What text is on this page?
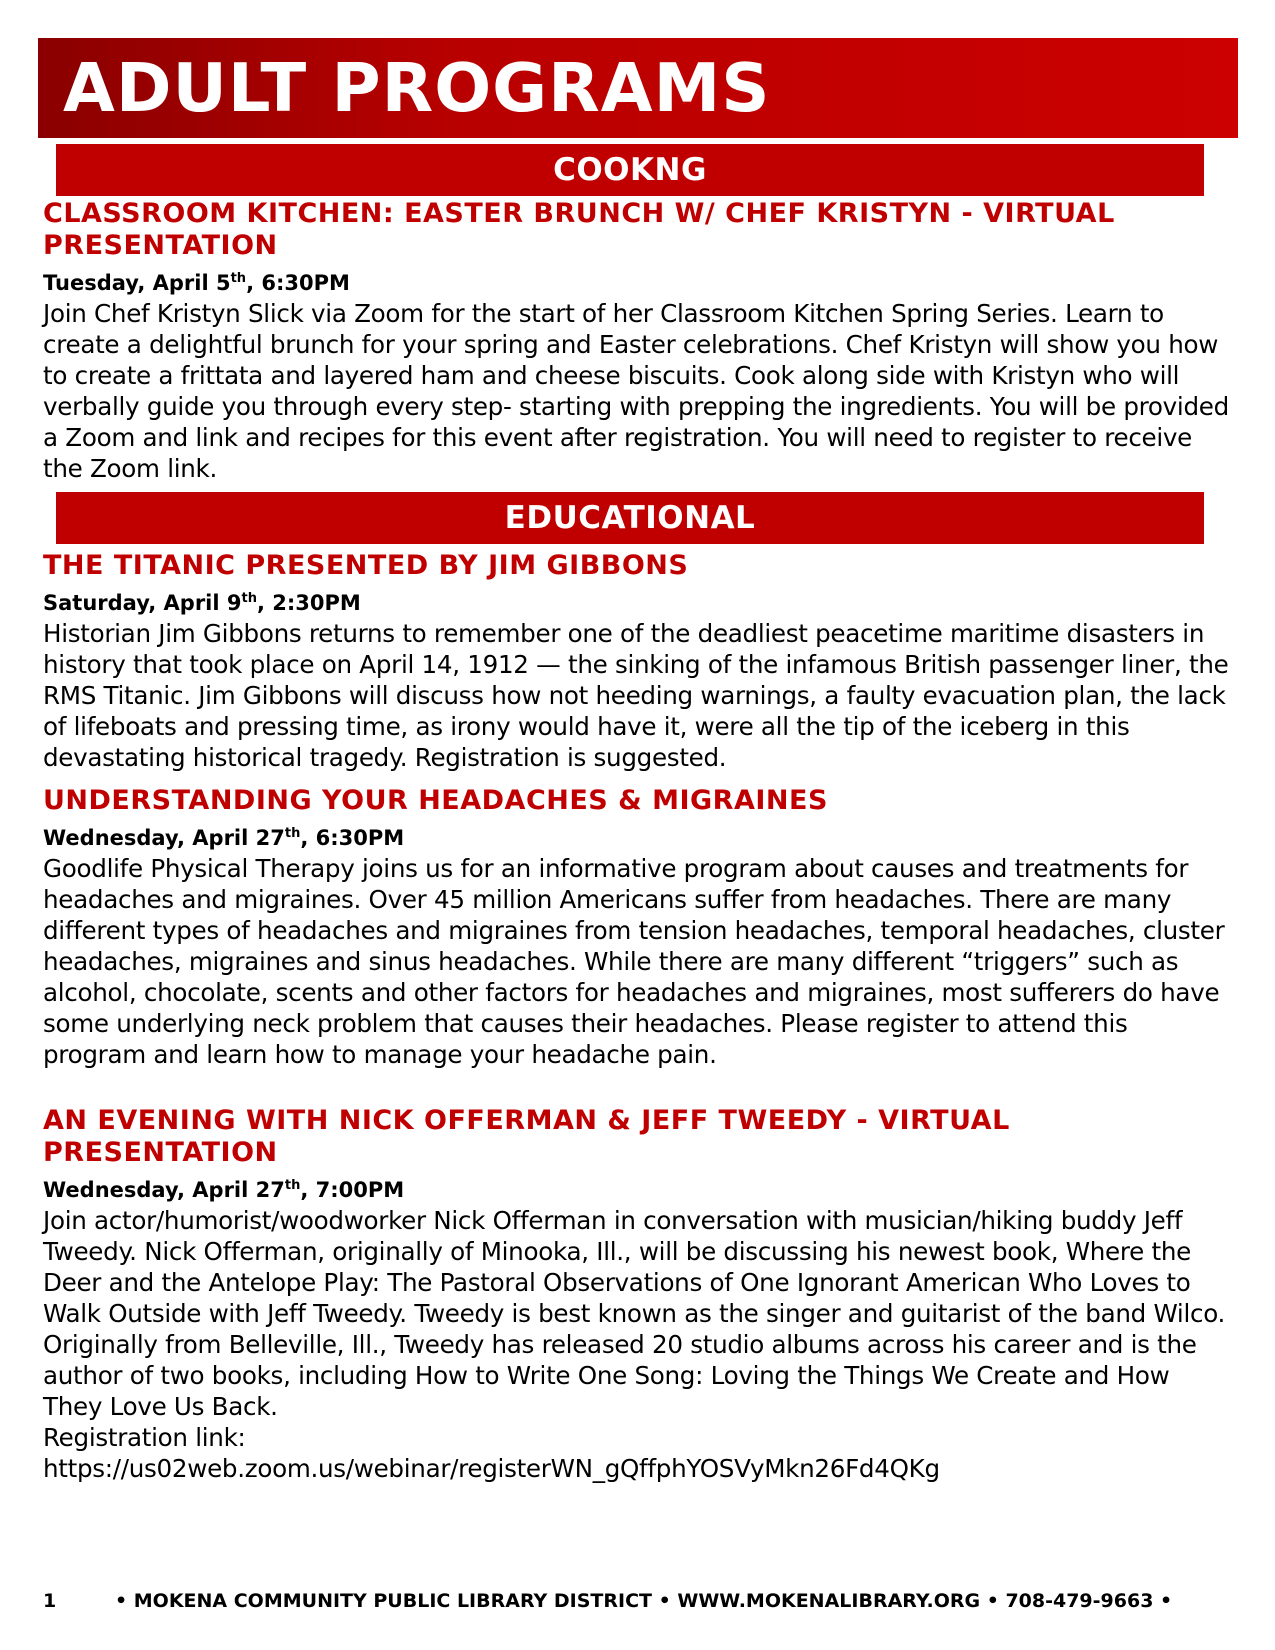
ADULT PROGRAMS
COOKNG
CLASSROOM KITCHEN: EASTER BRUNCH W/ CHEF KRISTYN - VIRTUAL PRESENTATION

Tuesday, April 5th, 6:30PM

Join Chef Kristyn Slick via Zoom for the start of her Classroom Kitchen Spring Series. Learn to create a delightful brunch for your spring and Easter celebrations. Chef Kristyn will show you how to create a frittata and layered ham and cheese biscuits. Cook along side with Kristyn who will verbally guide you through every step- starting with prepping the ingredients. You will be provided a Zoom and link and recipes for this event after registration. You will need to register to receive the Zoom link.

EDUCATIONAL
THE TITANIC PRESENTED BY JIM GIBBONS

Saturday, April 9th, 2:30PM

Historian Jim Gibbons returns to remember one of the deadliest peacetime maritime disasters in history that took place on April 14, 1912 — the sinking of the infamous British passenger liner, the RMS Titanic. Jim Gibbons will discuss how not heeding warnings, a faulty evacuation plan, the lack of lifeboats and pressing time, as irony would have it, were all the tip of the iceberg in this devastating historical tragedy. Registration is suggested.

UNDERSTANDING YOUR HEADACHES & MIGRAINES

Wednesday, April 27th, 6:30PM

Goodlife Physical Therapy joins us for an informative program about causes and treatments for headaches and migraines. Over 45 million Americans suffer from headaches. There are many different types of headaches and migraines from tension headaches, temporal headaches, cluster headaches, migraines and sinus headaches. While there are many different “triggers” such as alcohol, chocolate, scents and other factors for headaches and migraines, most sufferers do have some underlying neck problem that causes their headaches. Please register to attend this program and learn how to manage your headache pain.

AN EVENING WITH NICK OFFERMAN & JEFF TWEEDY - VIRTUAL PRESENTATION

Wednesday, April 27th, 7:00PM

Join actor/humorist/woodworker Nick Offerman in conversation with musician/hiking buddy Jeff Tweedy. Nick Offerman, originally of Minooka, Ill., will be discussing his newest book, Where the Deer and the Antelope Play: The Pastoral Observations of One Ignorant American Who Loves to Walk Outside with Jeff Tweedy. Tweedy is best known as the singer and guitarist of the band Wilco. Originally from Belleville, Ill., Tweedy has released 20 studio albums across his career and is the author of two books, including How to Write One Song: Loving the Things We Create and How They Love Us Back.

Registration link:

https://us02web.zoom.us/webinar/registerWN_gQffphYOSVyMkn26Fd4QKg

1	• MOKENA COMMUNITY PUBLIC LIBRARY DISTRICT • WWW.MOKENALIBRARY.ORG • 708-479-9663 •
